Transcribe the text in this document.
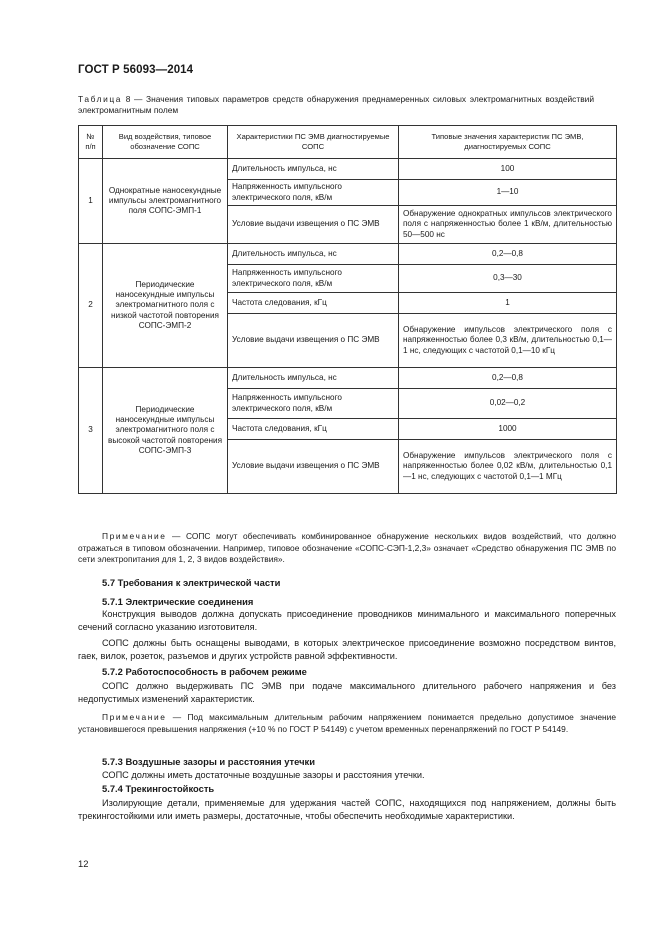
ГОСТ Р 56093—2014
Таблица 8 — Значения типовых параметров средств обнаружения преднамеренных силовых электромагнитных воздействий электромагнитным полем
№ п/п	Вид воздействия, типовое обозначение СОПС	Характеристики ПС ЭМВ диагностируемые СОПС	Типовые значения характеристик ПС ЭМВ, диагностируемых СОПС
1	Однократные наносекундные импульсы электромагнитного поля СОПС-ЭМП-1	Длительность импульса, нс	100
		Напряженность импульсного электрического поля, кВ/м	1—10
		Условие выдачи извещения о ПС ЭМВ	Обнаружение однократных импульсов электрического поля с напряженностью более 1 кВ/м, длительностью 50—500 нс
2	Периодические наносекундные импульсы электромагнитного поля с низкой частотой повторения СОПС-ЭМП-2	Длительность импульса, нс	0,2—0,8
		Напряженность импульсного электрического поля, кВ/м	0,3—30
		Частота следования, кГц	1
		Условие выдачи извещения о ПС ЭМВ	Обнаружение импульсов электрического поля с напряженностью более 0,3 кВ/м, длительностью 0,1—1 нс, следующих с частотой 0,1—10 кГц
3	Периодические наносекундные импульсы электромагнитного поля с высокой частотой повторения СОПС-ЭМП-3	Длительность импульса, нс	0,2—0,8
		Напряженность импульсного электрического поля, кВ/м	0,02—0,2
		Частота следования, кГц	1000
		Условие выдачи извещения о ПС ЭМВ	Обнаружение импульсов электрического поля с напряженностью более 0,02 кВ/м, длительностью 0,1—1 нс, следующих с частотой 0,1—1 МГц
Примечание — СОПС могут обеспечивать комбинированное обнаружение нескольких видов воздействий, что должно отражаться в типовом обозначении. Например, типовое обозначение «СОПС-СЭП-1,2,3» означает «Средство обнаружения ПС ЭМВ по сети электропитания для 1, 2, 3 видов воздействия».
5.7 Требования к электрической части
5.7.1 Электрические соединения
Конструкция выводов должна допускать присоединение проводников минимального и максимального поперечных сечений согласно указанию изготовителя.
СОПС должны быть оснащены выводами, в которых электрическое присоединение возможно посредством винтов, гаек, вилок, розеток, разъемов и других устройств равной эффективности.
5.7.2 Работоспособность в рабочем режиме
СОПС должно выдерживать ПС ЭМВ при подаче максимального длительного рабочего напряжения и без недопустимых изменений характеристик.
Примечание — Под максимальным длительным рабочим напряжением понимается предельно допустимое значение установившегося превышения напряжения (+10 % по ГОСТ Р 54149) с учетом временных перенапряжений по ГОСТ Р 54149.
5.7.3 Воздушные зазоры и расстояния утечки
СОПС должны иметь достаточные воздушные зазоры и расстояния утечки.
5.7.4 Трекингостойкость
Изолирующие детали, применяемые для удержания частей СОПС, находящихся под напряжением, должны быть трекингостойкими или иметь размеры, достаточные, чтобы обеспечить необходимые характеристики.
12
